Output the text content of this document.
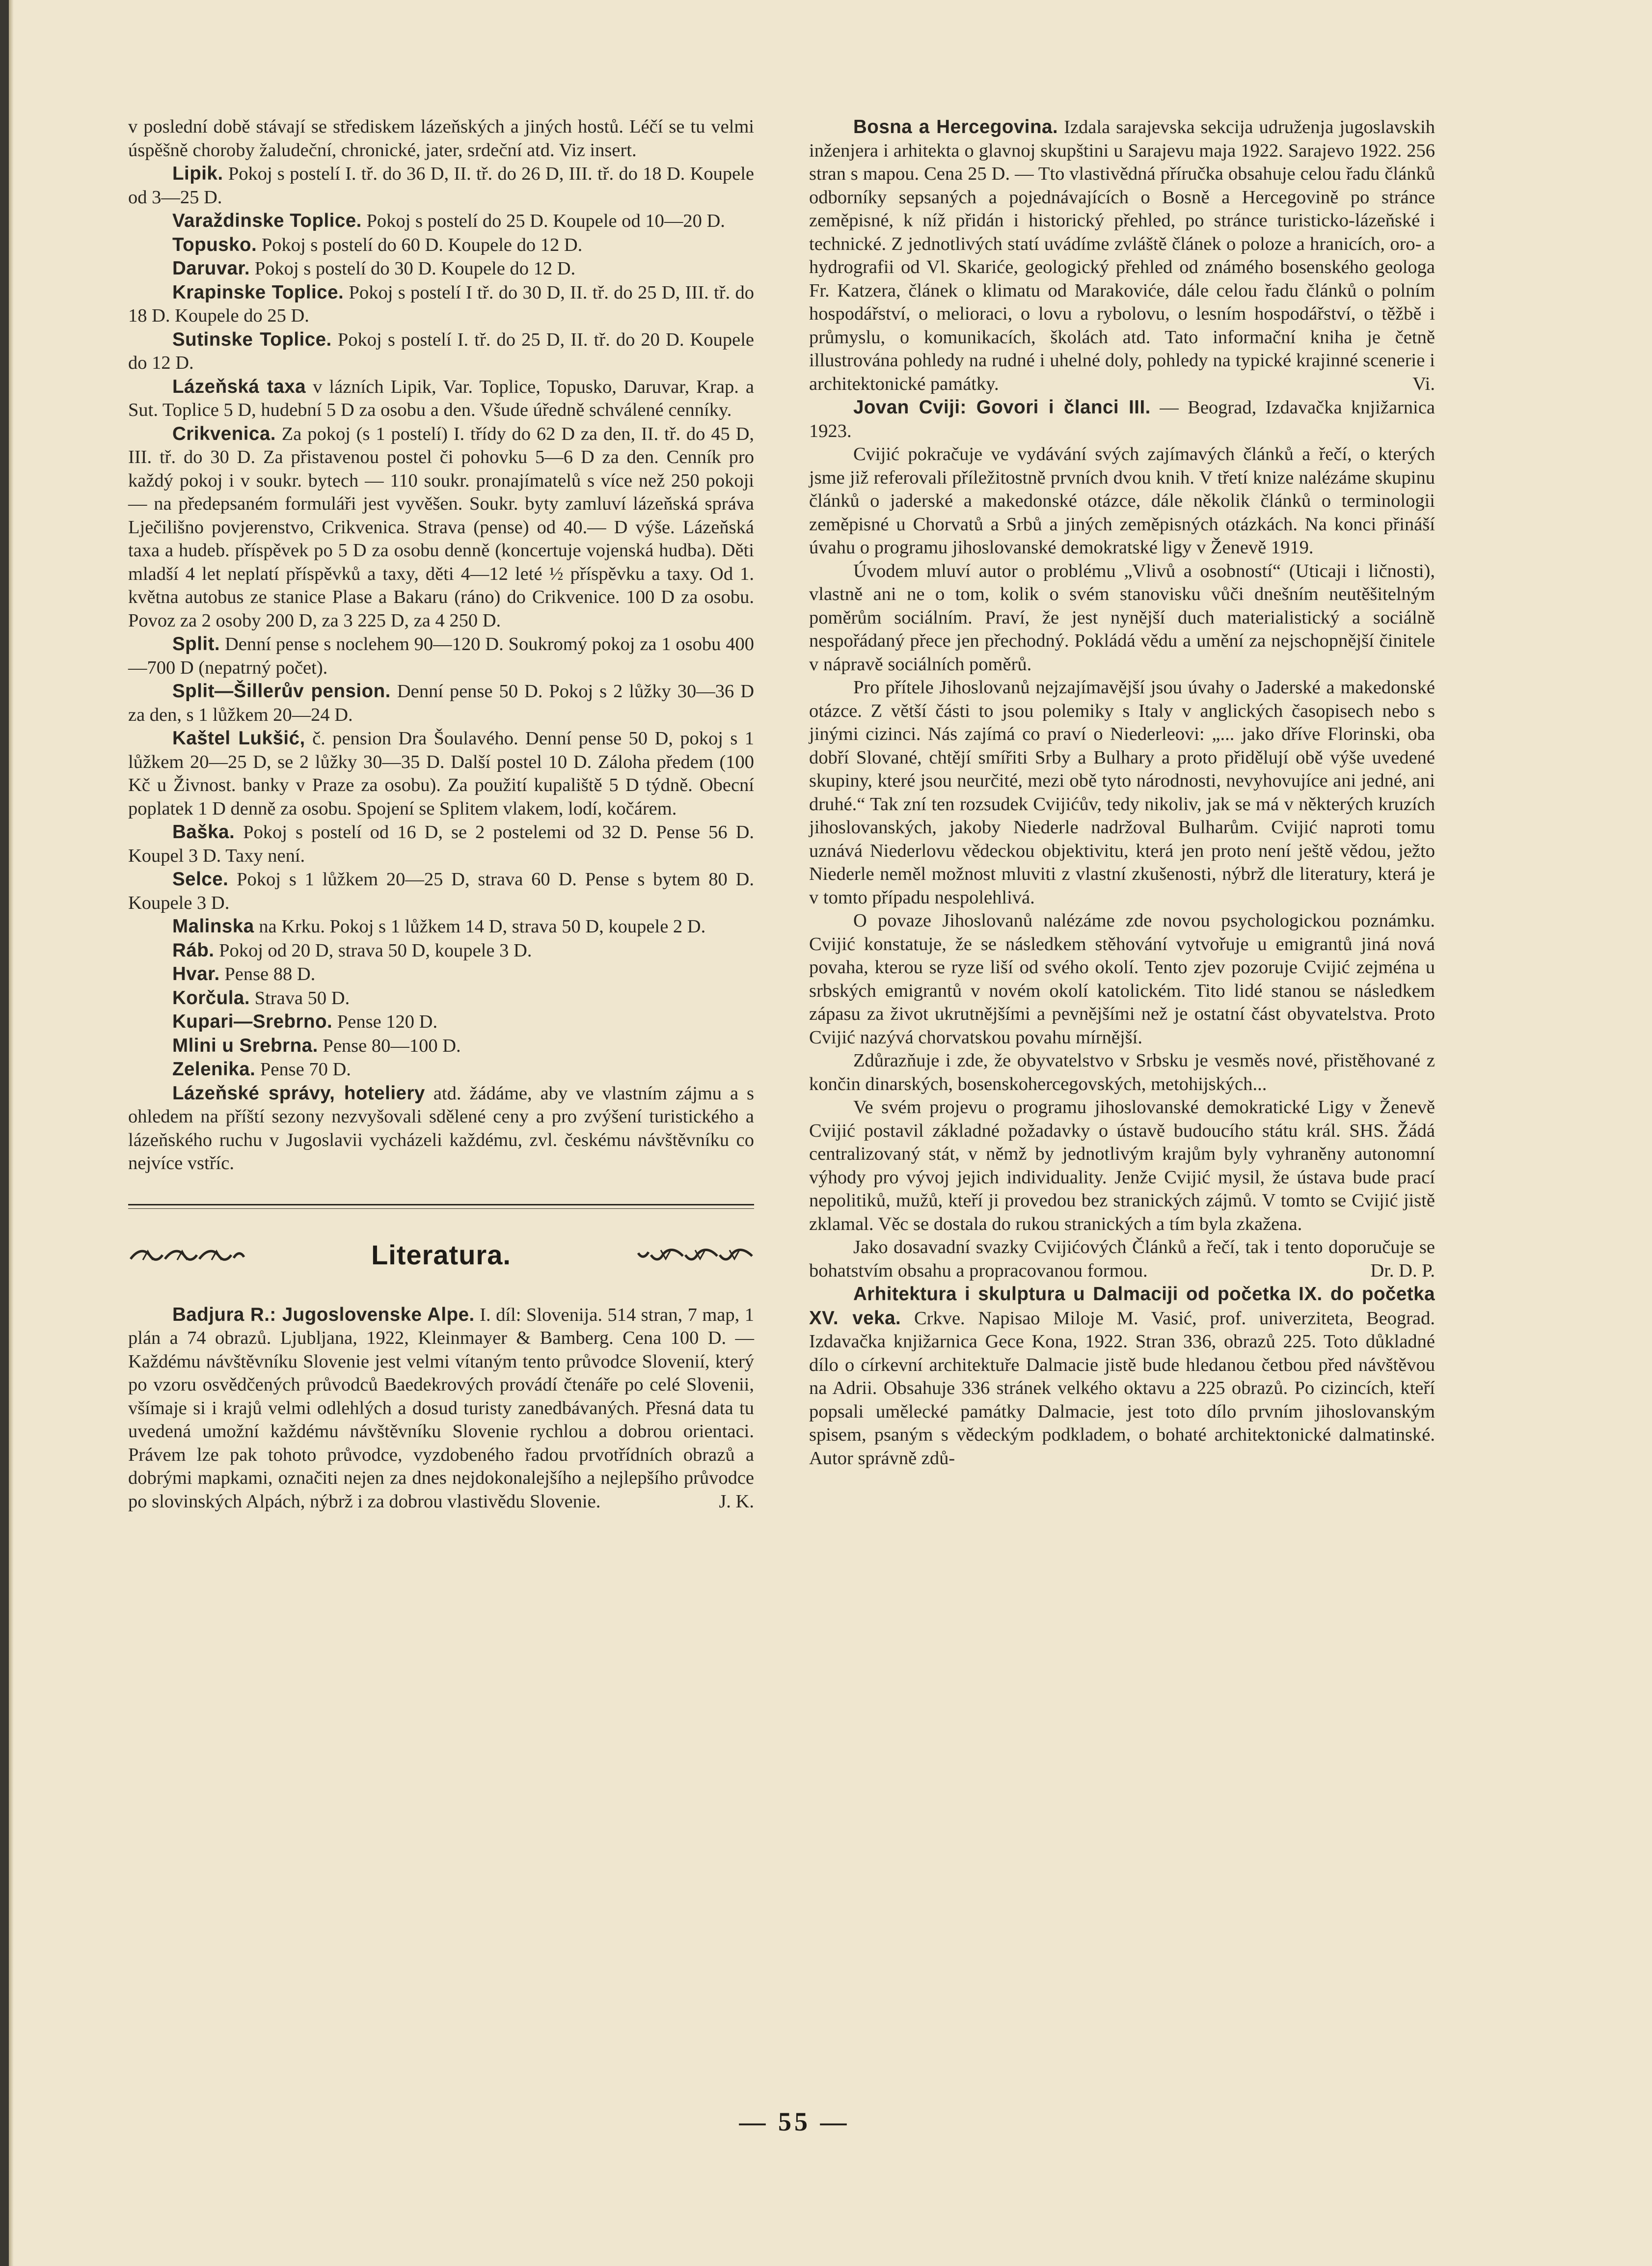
v poslední době stávají se střediskem lázeňských a jiných hostů. Léčí se tu velmi úspěšně choroby žaludeční, chronické, jater, srdeční atd. Viz insert.

Lipik. Pokoj s postelí I. tř. do 36 D, II. tř. do 26 D, III. tř. do 18 D. Koupele od 3—25 D.

Varaždinske Toplice. Pokoj s postelí do 25 D. Koupele od 10—20 D.

Topusko. Pokoj s postelí do 60 D. Koupele do 12 D.

Daruvar. Pokoj s postelí do 30 D. Koupele do 12 D.

Krapinske Toplice. Pokoj s postelí I tř. do 30 D, II. tř. do 25 D, III. tř. do 18 D. Koupele do 25 D.

Sutinske Toplice. Pokoj s postelí I. tř. do 25 D, II. tř. do 20 D. Koupele do 12 D.

Lázeňská taxa v lázních Lipik, Var. Toplice, Topusko, Daruvar, Krap. a Sut. Toplice 5 D, hudební 5 D za osobu a den. Všude úředně schválené cenníky.

Crikvenica. Za pokoj (s 1 postelí) I. třídy do 62 D za den, II. tř. do 45 D, III. tř. do 30 D. Za přistavenou postel či pohovku 5—6 D za den. Cenník pro každý pokoj i v soukr. bytech — 110 soukr. pronajímatelů s více než 250 pokoji — na předepsaném formuláři jest vyvěšen. Soukr. byty zamluví lázeňská správa Lječilišno povjerenstvo, Crikvenica. Strava (pense) od 40.— D výše. Lázeňská taxa a hudeb. příspěvek po 5 D za osobu denně (koncertuje vojenská hudba). Děti mladší 4 let neplatí příspěvků a taxy, děti 4—12 leté ½ příspěvku a taxy. Od 1. května autobus ze stanice Plase a Bakaru (ráno) do Crikvenice. 100 D za osobu. Povoz za 2 osoby 200 D, za 3 225 D, za 4 250 D.

Split. Denní pense s noclehem 90—120 D. Soukromý pokoj za 1 osobu 400—700 D (nepatrný počet).

Split—Šillerův pension. Denní pense 50 D. Pokoj s 2 lůžky 30—36 D za den, s 1 lůžkem 20—24 D.

Kaštel Lukšić, č. pension Dra Šoulavého. Denní pense 50 D, pokoj s 1 lůžkem 20—25 D, se 2 lůžky 30—35 D. Další postel 10 D. Záloha předem (100 Kč u Živnost. banky v Praze za osobu). Za použití kupaliště 5 D týdně. Obecní poplatek 1 D denně za osobu. Spojení se Splitem vlakem, lodí, kočárem.

Baška. Pokoj s postelí od 16 D, se 2 postelemi od 32 D. Pense 56 D. Koupel 3 D. Taxy není.

Selce. Pokoj s 1 lůžkem 20—25 D, strava 60 D. Pense s bytem 80 D. Koupele 3 D.

Malinska na Krku. Pokoj s 1 lůžkem 14 D, strava 50 D, koupele 2 D.

Ráb. Pokoj od 20 D, strava 50 D, koupele 3 D.

Hvar. Pense 88 D.

Korčula. Strava 50 D.

Kupari—Srebrno. Pense 120 D.

Mlini u Srebrna. Pense 80—100 D.

Zelenika. Pense 70 D.

Lázeňské správy, hoteliery atd. žádáme, aby ve vlastním zájmu a s ohledem na příští sezony nezvyšovali sdělené ceny a pro zvýšení turistického a lázeňského ruchu v Jugoslavii vycházeli každému, zvl. českému návštěvníku co nejvíce vstříc.

Literatura.

Badjura R.: Jugoslovenske Alpe. I. díl: Slovenija. 514 stran, 7 map, 1 plán a 74 obrazů. Ljubljana, 1922, Kleinmayer & Bamberg. Cena 100 D. — Každému návštěvníku Slovenie jest velmi vítaným tento průvodce Slovenií, který po vzoru osvědčených průvodců Baedekrových provádí čtenáře po celé Slovenii, všímaje si i krajů velmi odlehlých a dosud turisty zanedbávaných. Přesná data tu uvedená umožní každému návštěvníku Slovenie rychlou a dobrou orientaci. Právem lze pak tohoto průvodce, vyzdobeného řadou prvotřídních obrazů a dobrými mapkami, označiti nejen za dnes nejdokonalejšího a nejlepšího průvodce po slovinských Alpách, nýbrž i za dobrou vlastivědu Slovenie.	J. K.

Bosna a Hercegovina. Izdala sarajevska sekcija udruženja jugoslavskih inženjera i arhitekta o glavnoj skupštini u Sarajevu maja 1922. Sarajevo 1922. 256 stran s mapou. Cena 25 D. — Tto vlastivědná příručka obsahuje celou řadu článků odborníky sepsaných a pojednávajících o Bosně a Hercegovině po stránce zeměpisné, k níž přidán i historický přehled, po stránce turisticko-lázeňské i technické. Z jednotlivých statí uvádíme zvláště článek o poloze a hranicích, oro- a hydrografii od Vl. Skariće, geologický přehled od známého bosenského geologa Fr. Katzera, článek o klimatu od Marakoviće, dále celou řadu článků o polním hospodářství, o melioraci, o lovu a rybolovu, o lesním hospodářství, o těžbě i průmyslu, o komunikacích, školách atd. Tato informační kniha je četně illustrována pohledy na rudné i uhelné doly, pohledy na typické krajinné scenerie i architektonické památky.	Vi.

Jovan Cviji: Govori i članci III. — Beograd, Izdavačka knjižarnica 1923.

Cvijić pokračuje ve vydávání svých zajímavých článků a řečí, o kterých jsme již referovali příležitostně prvních dvou knih. V třetí knize nalézáme skupinu článků o jaderské a makedonské otázce, dále několik článků o terminologii zeměpisné u Chorvatů a Srbů a jiných zeměpisných otázkách. Na konci přináší úvahu o programu jihoslovanské demokratské ligy v Ženevě 1919.

Úvodem mluví autor o problému „Vlivů a osobností“ (Uticaji i ličnosti), vlastně ani ne o tom, kolik o svém stanovisku vůči dnešním neutěšitelným poměrům sociálním. Praví, že jest nynější duch materialistický a sociálně nespořádaný přece jen přechodný. Pokládá vědu a umění za nejschopnější činitele v nápravě sociálních poměrů.

Pro přítele Jihoslovanů nejzajímavější jsou úvahy o Jaderské a makedonské otázce. Z větší části to jsou polemiky s Italy v anglických časopisech nebo s jinými cizinci. Nás zajímá co praví o Niederleovi: „... jako dříve Florinski, oba dobří Slované, chtějí smířiti Srby a Bulhary a proto přidělují obě výše uvedené skupiny, které jsou neurčité, mezi obě tyto národnosti, nevyhovujíce ani jedné, ani druhé.“ Tak zní ten rozsudek Cvijićův, tedy nikoliv, jak se má v některých kruzích jihoslovanských, jakoby Niederle nadržoval Bulharům. Cvijić naproti tomu uznává Niederlovu vědeckou objektivitu, která jen proto není ještě vědou, ježto Niederle neměl možnost mluviti z vlastní zkušenosti, nýbrž dle literatury, která je v tomto případu nespolehlivá.

O povaze Jihoslovanů nalézáme zde novou psychologickou poznámku. Cvijić konstatuje, že se následkem stěhování vytvořuje u emigrantů jiná nová povaha, kterou se ryze liší od svého okolí. Tento zjev pozoruje Cvijić zejména u srbských emigrantů v novém okolí katolickém. Tito lidé stanou se následkem zápasu za život ukrutnějšími a pevnějšími než je ostatní část obyvatelstva. Proto Cvijić nazývá chorvatskou povahu mírnější.

Zdůrazňuje i zde, že obyvatelstvo v Srbsku je vesměs nové, přistěhované z končin dinarských, bosenskohercegovských, metohijských...

Ve svém projevu o programu jihoslovanské demokratické Ligy v Ženevě Cvijić postavil základné požadavky o ústavě budoucího státu král. SHS. Žádá centralizovaný stát, v němž by jednotlivým krajům byly vyhraněny autonomní výhody pro vývoj jejich individuality. Jenže Cvijić mysil, že ústava bude prací nepolitiků, mužů, kteří ji provedou bez stranických zájmů. V tomto se Cvijić jistě zklamal. Věc se dostala do rukou stranických a tím byla zkažena.

Jako dosavadní svazky Cvijićových Článků a řečí, tak i tento doporučuje se bohatstvím obsahu a propracovanou formou.	Dr. D. P.

Arhitektura i skulptura u Dalmaciji od početka IX. do početka XV. veka. Crkve. Napisao Miloje M. Vasić, prof. univerziteta, Beograd. Izdavačka knjižarnica Gece Kona, 1922. Stran 336, obrazů 225. Toto důkladné dílo o církevní architektuře Dalmacie jistě bude hledanou četbou před návštěvou na Adrii. Obsahuje 336 stránek velkého oktavu a 225 obrazů. Po cizincích, kteří popsali umělecké památky Dalmacie, jest toto dílo prvním jihoslovanským spisem, psaným s vědeckým podkladem, o bohaté architektonické dalmatinské. Autor správně zdů-

— 55 —
